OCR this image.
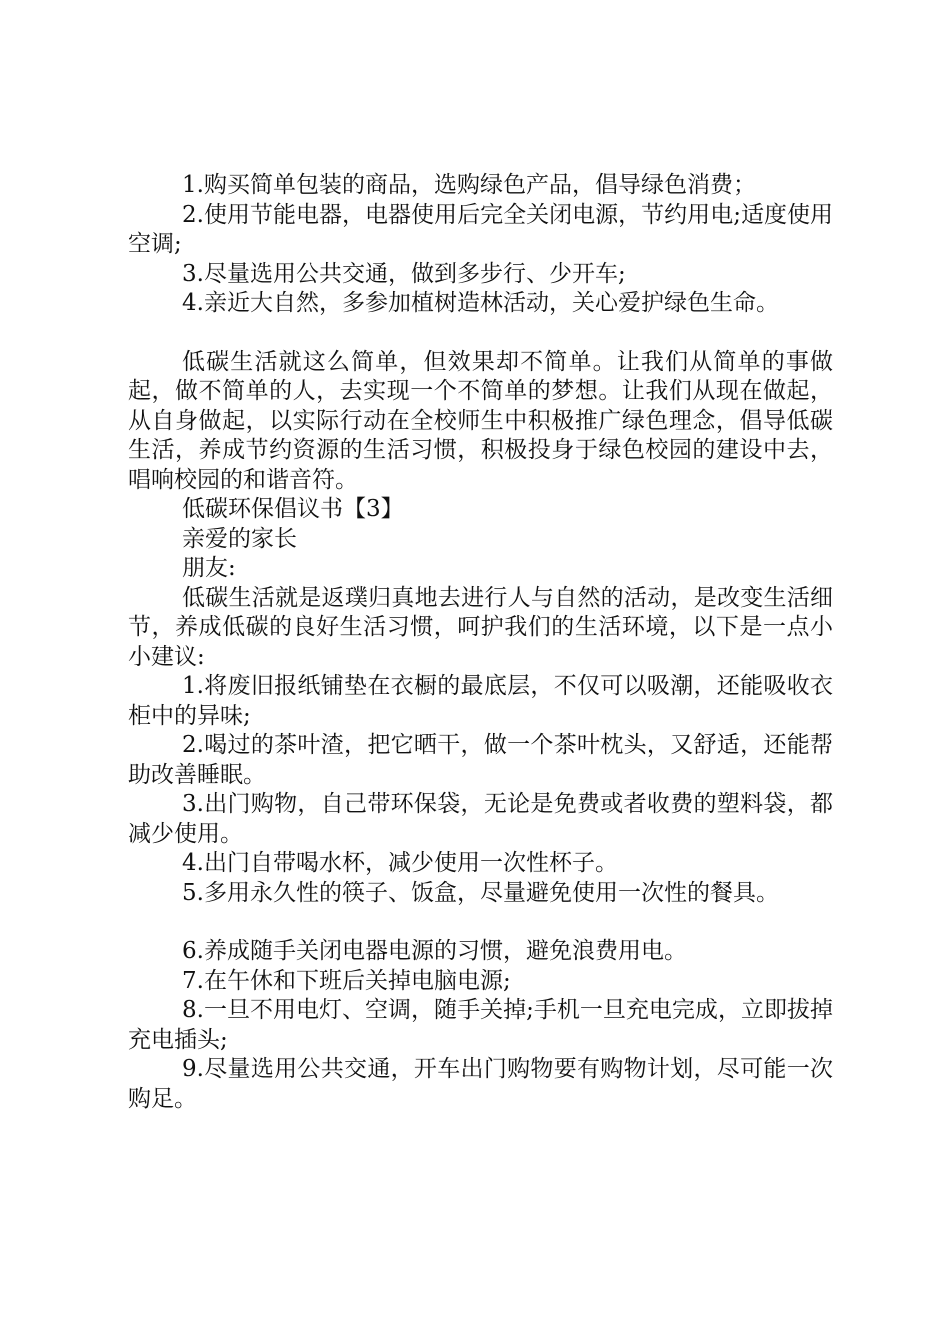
1.购买简单包装的商品，选购绿色产品，倡导绿色消费；

2.使用节能电器，电器使用后完全关闭电源，节约用电;适度使用空调;

3.尽量选用公共交通，做到多步行、少开车;

4.亲近大自然，多参加植树造林活动，关心爱护绿色生命。

低碳生活就这么简单，但效果却不简单。让我们从简单的事做起，做不简单的人，去实现一个不简单的梦想。让我们从现在做起，从自身做起，以实际行动在全校师生中积极推广绿色理念，倡导低碳生活，养成节约资源的生活习惯，积极投身于绿色校园的建设中去，唱响校园的和谐音符。

低碳环保倡议书【3】

亲爱的家长

朋友:

低碳生活就是返璞归真地去进行人与自然的活动，是改变生活细节，养成低碳的良好生活习惯，呵护我们的生活环境，以下是一点小小建议:

1.将废旧报纸铺垫在衣橱的最底层，不仅可以吸潮，还能吸收衣柜中的异味;

2.喝过的茶叶渣，把它晒干，做一个茶叶枕头，又舒适，还能帮助改善睡眠。

3.出门购物，自己带环保袋，无论是免费或者收费的塑料袋，都减少使用。

4.出门自带喝水杯，减少使用一次性杯子。

5.多用永久性的筷子、饭盒，尽量避免使用一次性的餐具。

6.养成随手关闭电器电源的习惯，避免浪费用电。

7.在午休和下班后关掉电脑电源;

8.一旦不用电灯、空调，随手关掉;手机一旦充电完成，立即拔掉充电插头;

9.尽量选用公共交通，开车出门购物要有购物计划，尽可能一次购足。
